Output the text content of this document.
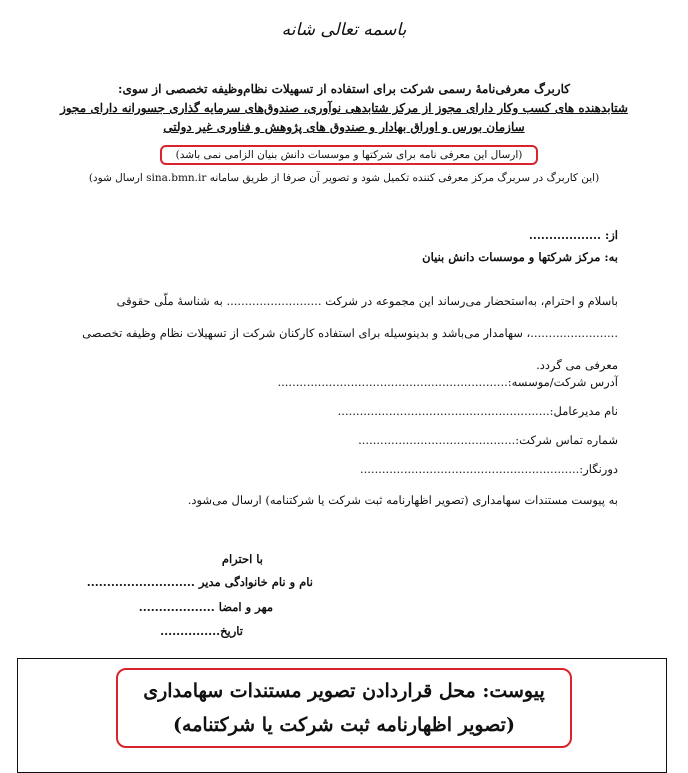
باسمه تعالی شانه

کاربرگ معرفی‌نامۀ رسمی شرکت برای استفاده از تسهیلات نظام‌وظیفه تخصصی از سوی:

شتابدهنده های کسب وکار دارای مجوز از مرکز شتابدهی نوآوری، صندوق‌های سرمایه گذاری جسورانه دارای مجوز

سازمان بورس و اوراق بهادار و صندوق های پژوهش و فناوری غیر دولتی

(ارسال این معرفی نامه برای شرکتها و موسسات دانش بنیان الزامی نمی باشد)
(این کاربرگ در سربرگ مرکز معرفی کننده تکمیل شود و تصویر آن صرفا از طریق سامانه sina.bmn.ir ارسال شود)
از: ..................
به: مرکز شرکتها و موسسات دانش بنیان

باسلام و احترام، به‌استحضار می‌رساند این مجموعه در شرکت .......................... به شناسۀ ملّی حقوقی

........................، سهامدار می‌باشد و بدینوسیله برای استفاده کارکنان شرکت از تسهیلات نظام وظیفه تخصصی

معرفی می گردد.

آدرس شرکت/موسسه:...............................................................
نام مدیرعامل:..........................................................
شماره تماس شرکت:...........................................
دورنگار:............................................................
به پیوست مستندات سهامداری (تصویر اظهارنامه ثبت شرکت یا شرکتنامه) ارسال می‌شود.
با احترام
نام و نام خانوادگی مدیر ...........................
مهر و امضا ...................
تاریخ...............

پیوست: محل قراردادن تصویر مستندات سهامداری

(تصویر اظهارنامه ثبت شرکت یا شرکتنامه)
